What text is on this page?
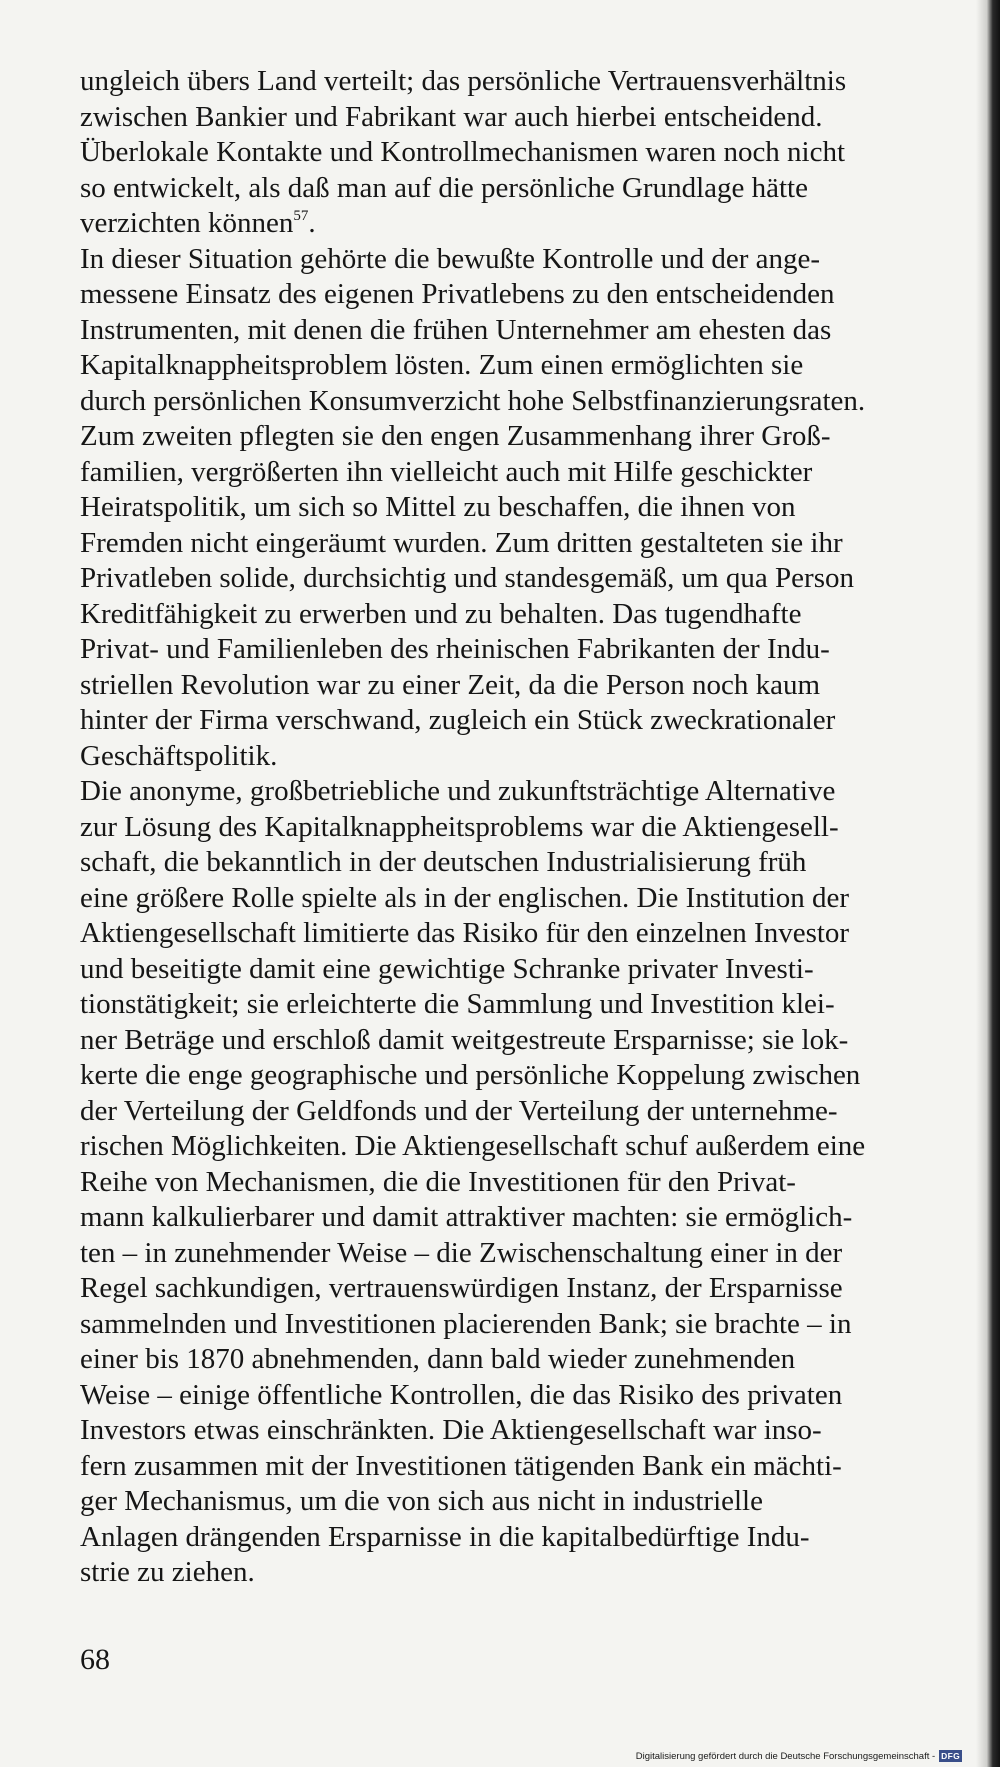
ungleich übers Land verteilt; das persönliche Vertrauensverhältnis
zwischen Bankier und Fabrikant war auch hierbei entscheidend.
Überlokale Kontakte und Kontrollmechanismen waren noch nicht
so entwickelt, als daß man auf die persönliche Grundlage hätte
verzichten können$^{57}$.
In dieser Situation gehörte die bewußte Kontrolle und der ange-
messene Einsatz des eigenen Privatlebens zu den entscheidenden
Instrumenten, mit denen die frühen Unternehmer am ehesten das
Kapitalknappheitsproblem lösten. Zum einen ermöglichten sie
durch persönlichen Konsumverzicht hohe Selbstfinanzierungsraten.
Zum zweiten pflegten sie den engen Zusammenhang ihrer Groß-
familien, vergrößerten ihn vielleicht auch mit Hilfe geschickter
Heiratspolitik, um sich so Mittel zu beschaffen, die ihnen von
Fremden nicht eingeräumt wurden. Zum dritten gestalteten sie ihr
Privatleben solide, durchsichtig und standesgemäß, um qua Person
Kreditfähigkeit zu erwerben und zu behalten. Das tugendhafte
Privat- und Familienleben des rheinischen Fabrikanten der Indu-
striellen Revolution war zu einer Zeit, da die Person noch kaum
hinter der Firma verschwand, zugleich ein Stück zweckrationaler
Geschäftspolitik.
Die anonyme, großbetriebliche und zukunftsträchtige Alternative
zur Lösung des Kapitalknappheitsproblems war die Aktiengesell-
schaft, die bekanntlich in der deutschen Industrialisierung früh
eine größere Rolle spielte als in der englischen. Die Institution der
Aktiengesellschaft limitierte das Risiko für den einzelnen Investor
und beseitigte damit eine gewichtige Schranke privater Investi-
tionstätigkeit; sie erleichterte die Sammlung und Investition klei-
ner Beträge und erschloß damit weitgestreute Ersparnisse; sie lok-
kerte die enge geographische und persönliche Koppelung zwischen
der Verteilung der Geldfonds und der Verteilung der unternehme-
rischen Möglichkeiten. Die Aktiengesellschaft schuf außerdem eine
Reihe von Mechanismen, die die Investitionen für den Privat-
mann kalkulierbarer und damit attraktiver machten: sie ermöglich-
ten – in zunehmender Weise – die Zwischenschaltung einer in der
Regel sachkundigen, vertrauenswürdigen Instanz, der Ersparnisse
sammelnden und Investitionen placierenden Bank; sie brachte – in
einer bis 1870 abnehmenden, dann bald wieder zunehmenden
Weise – einige öffentliche Kontrollen, die das Risiko des privaten
Investors etwas einschränkten. Die Aktiengesellschaft war inso-
fern zusammen mit der Investitionen tätigenden Bank ein mächti-
ger Mechanismus, um die von sich aus nicht in industrielle
Anlagen drängenden Ersparnisse in die kapitalbedürftige Indu-
strie zu ziehen.
68
Digitalisierung gefördert durch die Deutsche Forschungsgemeinschaft - DFG
